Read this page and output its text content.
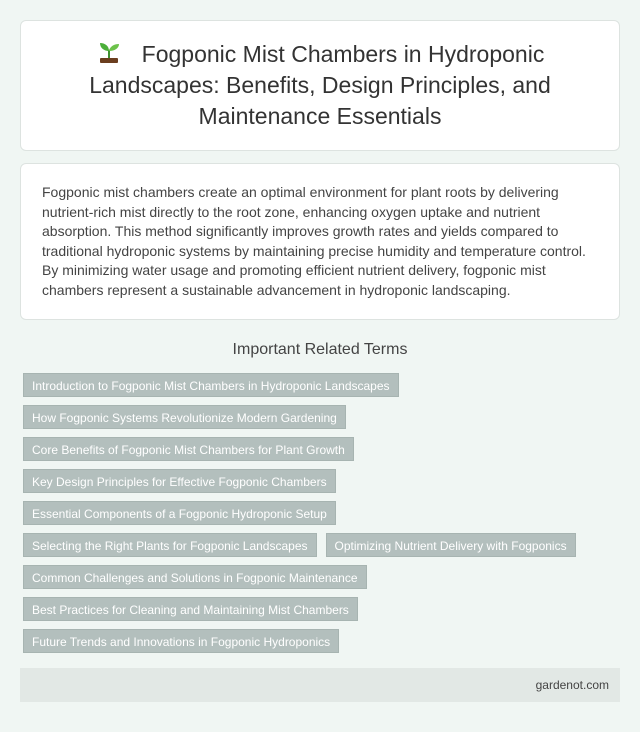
Fogponic Mist Chambers in Hydroponic Landscapes: Benefits, Design Principles, and Maintenance Essentials

Fogponic mist chambers create an optimal environment for plant roots by delivering nutrient-rich mist directly to the root zone, enhancing oxygen uptake and nutrient absorption. This method significantly improves growth rates and yields compared to traditional hydroponic systems by maintaining precise humidity and temperature control. By minimizing water usage and promoting efficient nutrient delivery, fogponic mist chambers represent a sustainable advancement in hydroponic landscaping.

Important Related Terms
Introduction to Fogponic Mist Chambers in Hydroponic Landscapes
How Fogponic Systems Revolutionize Modern Gardening
Core Benefits of Fogponic Mist Chambers for Plant Growth
Key Design Principles for Effective Fogponic Chambers
Essential Components of a Fogponic Hydroponic Setup
Selecting the Right Plants for Fogponic Landscapes	Optimizing Nutrient Delivery with Fogponics
Common Challenges and Solutions in Fogponic Maintenance
Best Practices for Cleaning and Maintaining Mist Chambers
Future Trends and Innovations in Fogponic Hydroponics
gardenot.com
